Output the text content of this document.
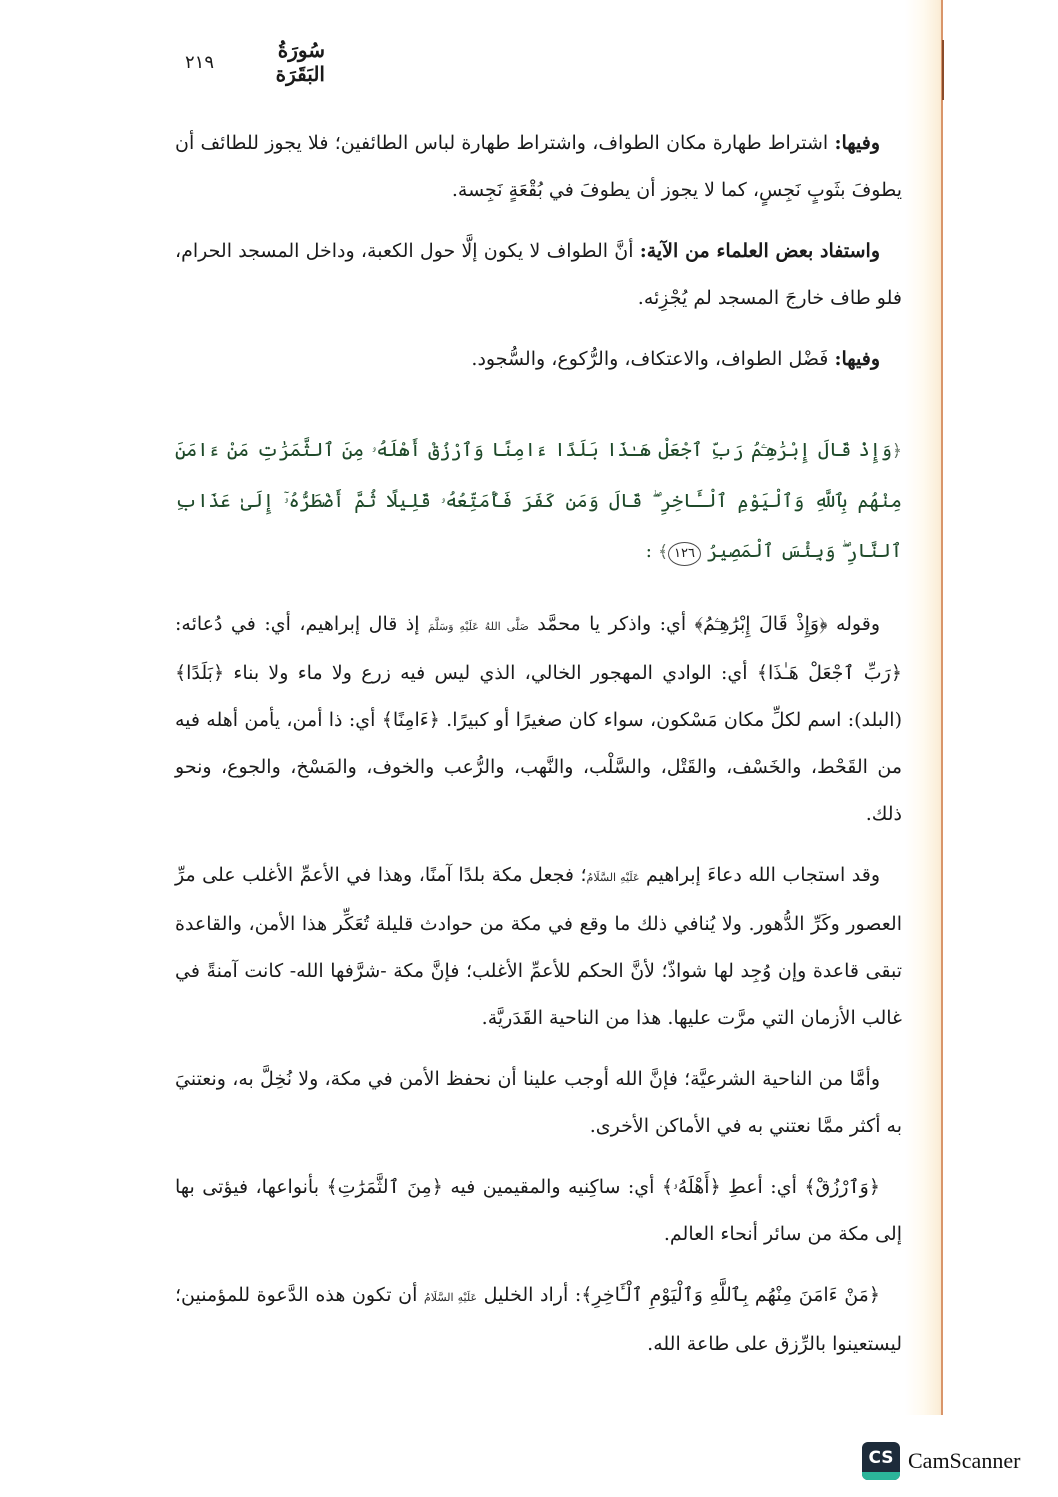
سُورَةُ البَقَرَة
٢١٩

وفيها: اشتراط طهارة مكان الطواف، واشتراط طهارة لباس الطائفين؛ فلا يجوز للطائف أن يطوفَ بثَوبٍ نَجِسٍ، كما لا يجوز أن يطوفَ في بُقْعَةٍ نَجِسة.

واستفاد بعض العلماء من الآية: أنَّ الطواف لا يكون إلَّا حول الكعبة، وداخل المسجد الحرام، فلو طاف خارجَ المسجد لم يُجْزِئه.

وفيها: فَضْل الطواف، والاعتكاف، والرُّكوع، والسُّجود.

﴿وَإِذْ قَالَ إِبْرَٰهِـۧمُ رَبِّ ٱجْعَلْ هَـٰذَا بَلَدًا ءَامِنًا وَٱرْزُقْ أَهْلَهُۥ مِنَ ٱلثَّمَرَٰتِ مَنْ ءَامَنَ مِنْهُم بِٱللَّهِ وَٱلْيَوْمِ ٱلْـَٔاخِرِ ۖ قَالَ وَمَن كَفَرَ فَأُمَتِّعُهُۥ قَلِيلًا ثُمَّ أَضْطَرُّهُۥٓ إِلَىٰ عَذَابِ ٱلنَّارِ ۖ وَبِئْسَ ٱلْمَصِيرُ ١٢٦﴾ :

وقوله ﴿وَإِذْ قَالَ إِبْرَٰهِـۧمُ﴾ أي: واذكر يا محمَّد صَلَّى اللهُ عَلَيْهِ وَسَلَّمَ إذ قال إبراهيم، أي: في دُعائه: ﴿رَبِّ ٱجْعَلْ هَـٰذَا﴾ أي: الوادي المهجور الخالي، الذي ليس فيه زرع ولا ماء ولا بناء ﴿بَلَدًا﴾ (البلد): اسم لكلِّ مكان مَسْكون، سواء كان صغيرًا أو كبيرًا. ﴿ءَامِنًا﴾ أي: ذا أمن، يأمن أهله فيه من القَحْط، والخَسْف، والقَتْل، والسَّلْب، والنَّهب، والرُّعب والخوف، والمَسْخ، والجوع، ونحو ذلك.

وقد استجاب الله دعاءَ إبراهيم عَلَيْهِ السَّلَامُ؛ فجعل مكة بلدًا آمنًا، وهذا في الأعمِّ الأغلب على مرِّ العصور وكَرِّ الدُّهور. ولا يُنافي ذلك ما وقع في مكة من حوادث قليلة تُعَكِّر هذا الأمن، والقاعدة تبقى قاعدة وإن وُجِد لها شواذّ؛ لأنَّ الحكم للأعمِّ الأغلب؛ فإنَّ مكة -شرَّفها الله- كانت آمنةً في غالب الأزمان التي مرَّت عليها. هذا من الناحية القَدَريَّة.

وأمَّا من الناحية الشرعيَّة؛ فإنَّ الله أوجب علينا أن نحفظ الأمن في مكة، ولا نُخِلَّ به، ونعتنيَ به أكثر ممَّا نعتني به في الأماكن الأخرى.

﴿وَٱرْزُقْ﴾ أي: أعطِ ﴿أَهْلَهُۥ﴾ أي: ساكِنيه والمقيمين فيه ﴿مِنَ ٱلثَّمَرَٰتِ﴾ بأنواعها، فيؤتى بها إلى مكة من سائر أنحاء العالم.

﴿مَنْ ءَامَنَ مِنْهُم بِٱللَّهِ وَٱلْيَوْمِ ٱلْـَٔاخِرِ﴾: أراد الخليل عَلَيْهِ السَّلَامُ أن تكون هذه الدَّعوة للمؤمنين؛ ليستعينوا بالرِّزق على طاعة الله.

CS CamScanner
